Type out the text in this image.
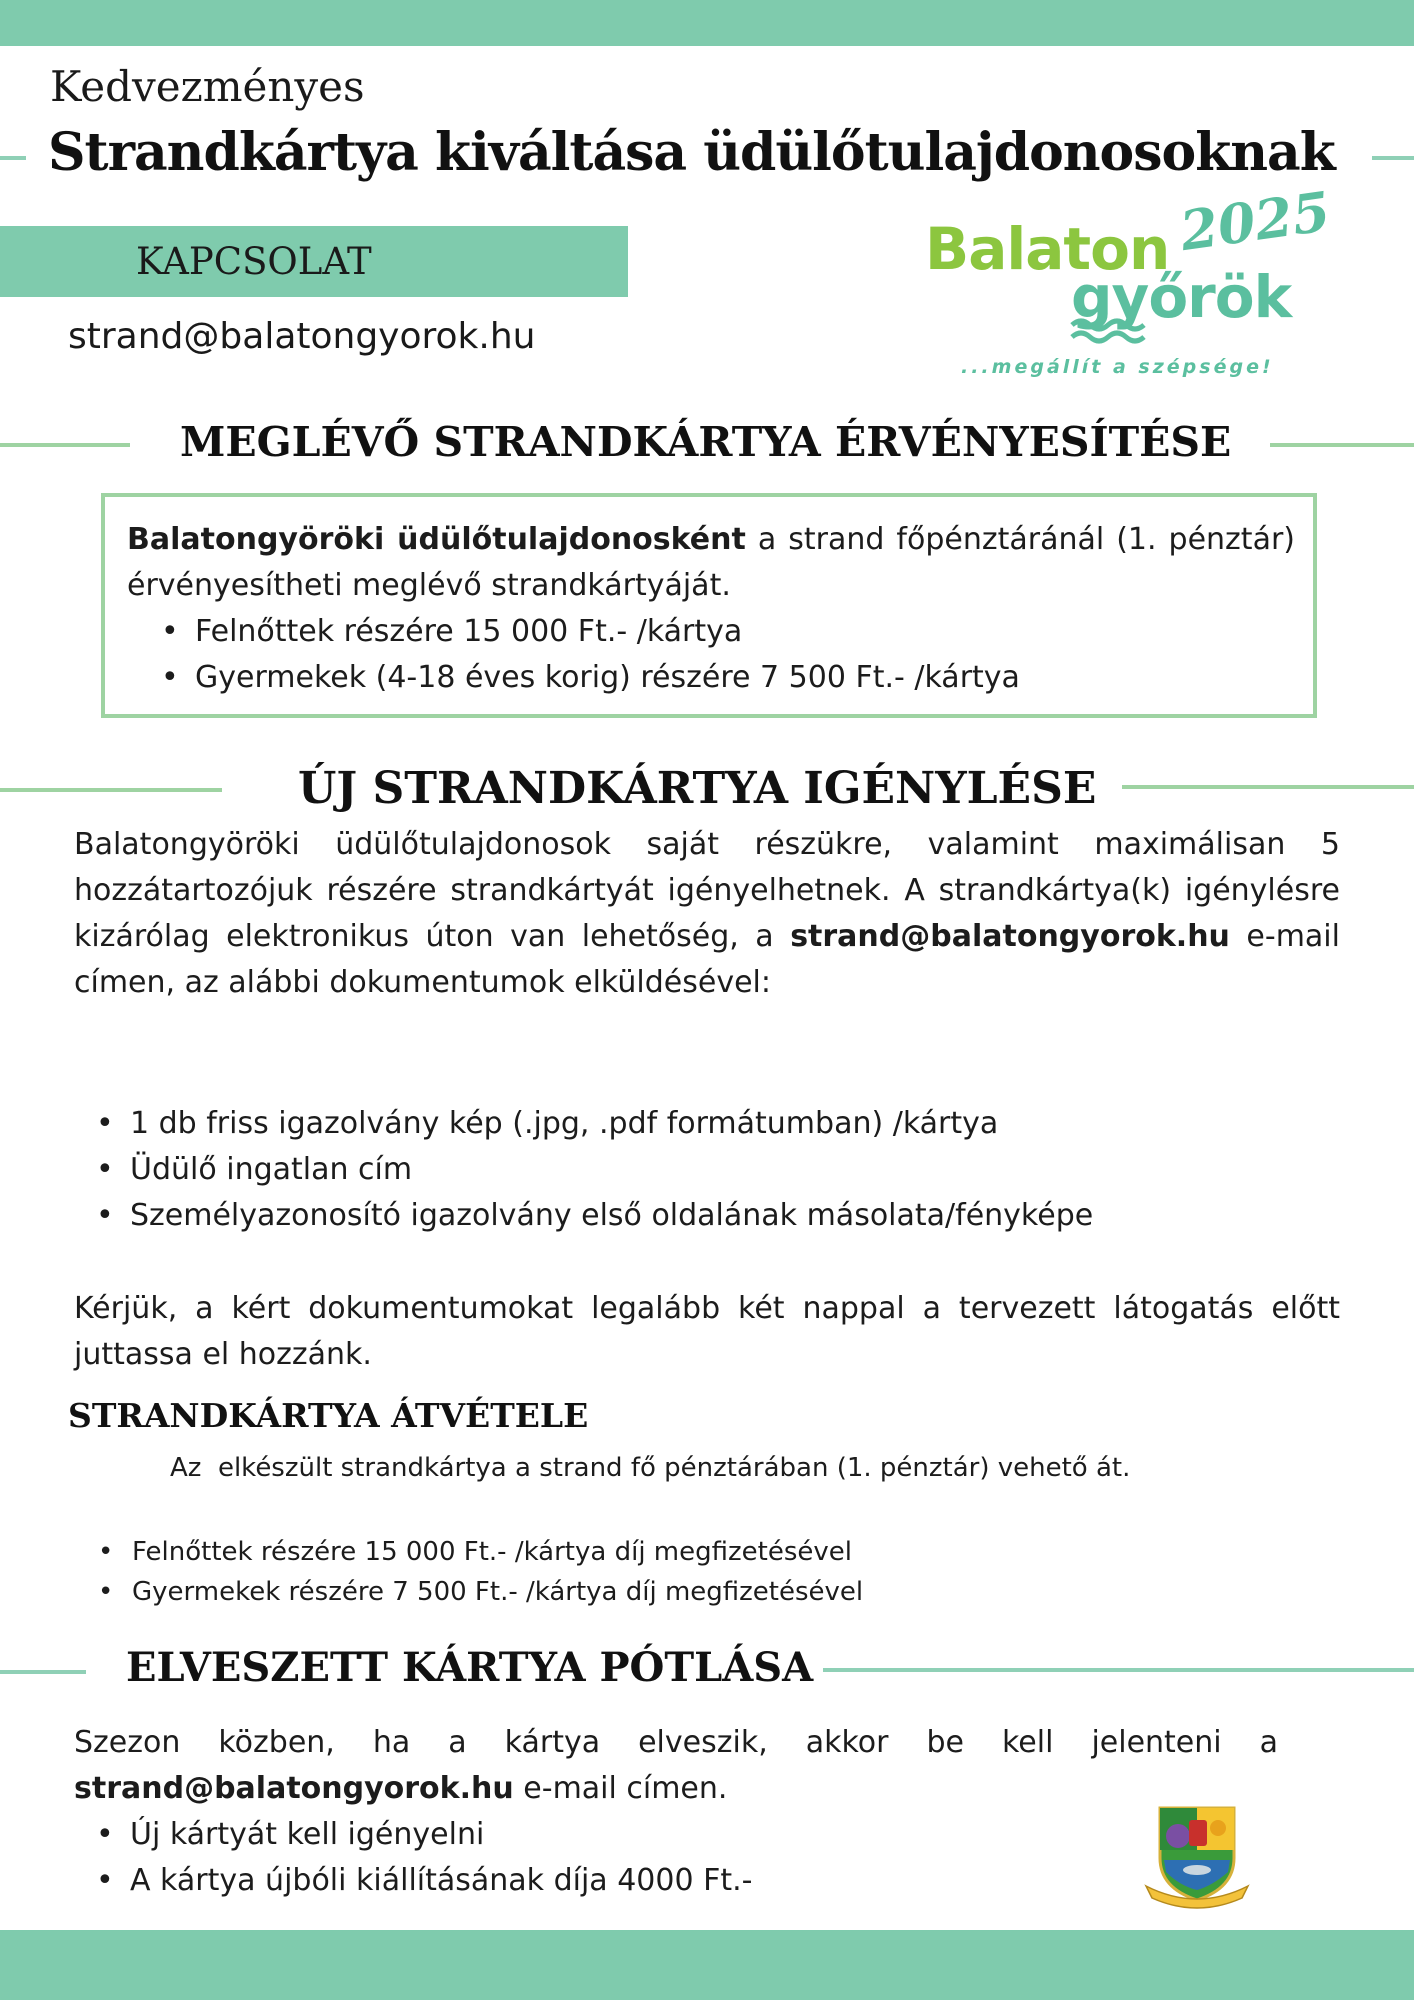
Kedvezményes
Strandkártya kiváltása üdülőtulajdonosoknak
KAPCSOLAT
strand@balatongyorok.hu
Balaton
győrök
2025
...megállít a szépsége!
MEGLÉVŐ STRANDKÁRTYA ÉRVÉNYESÍTÉSE
Balatongyöröki üdülőtulajdonosként a strand főpénztáránál (1. pénztár) érvényesítheti meglévő strandkártyáját.
• Felnőttek részére 15 000 Ft.- /kártya
• Gyermekek (4-18 éves korig) részére 7 500 Ft.- /kártya
ÚJ STRANDKÁRTYA IGÉNYLÉSE
Balatongyöröki üdülőtulajdonosok saját részükre, valamint maximálisan 5 hozzátartozójuk részére strandkártyát igényelhetnek. A strandkártya(k) igénylésre kizárólag elektronikus úton van lehetőség, a strand@balatongyorok.hu e-mail címen, az alábbi dokumentumok elküldésével:
• 1 db friss igazolvány kép (.jpg, .pdf formátumban) /kártya
• Üdülő ingatlan cím
• Személyazonosító igazolvány első oldalának másolata/fényképe
Kérjük, a kért dokumentumokat legalább két nappal a tervezett látogatás előtt juttassa el hozzánk.
STRANDKÁRTYA ÁTVÉTELE
Az  elkészült strandkártya a strand fő pénztárában (1. pénztár) vehető át.
• Felnőttek részére 15 000 Ft.- /kártya díj megfizetésével
• Gyermekek részére 7 500 Ft.- /kártya díj megfizetésével
ELVESZETT KÁRTYA PÓTLÁSA
Szezon közben, ha a kártya elveszik, akkor be kell jelenteni a strand@balatongyorok.hu e-mail címen.
• Új kártyát kell igényelni
• A kártya újbóli kiállításának díja 4000 Ft.-
